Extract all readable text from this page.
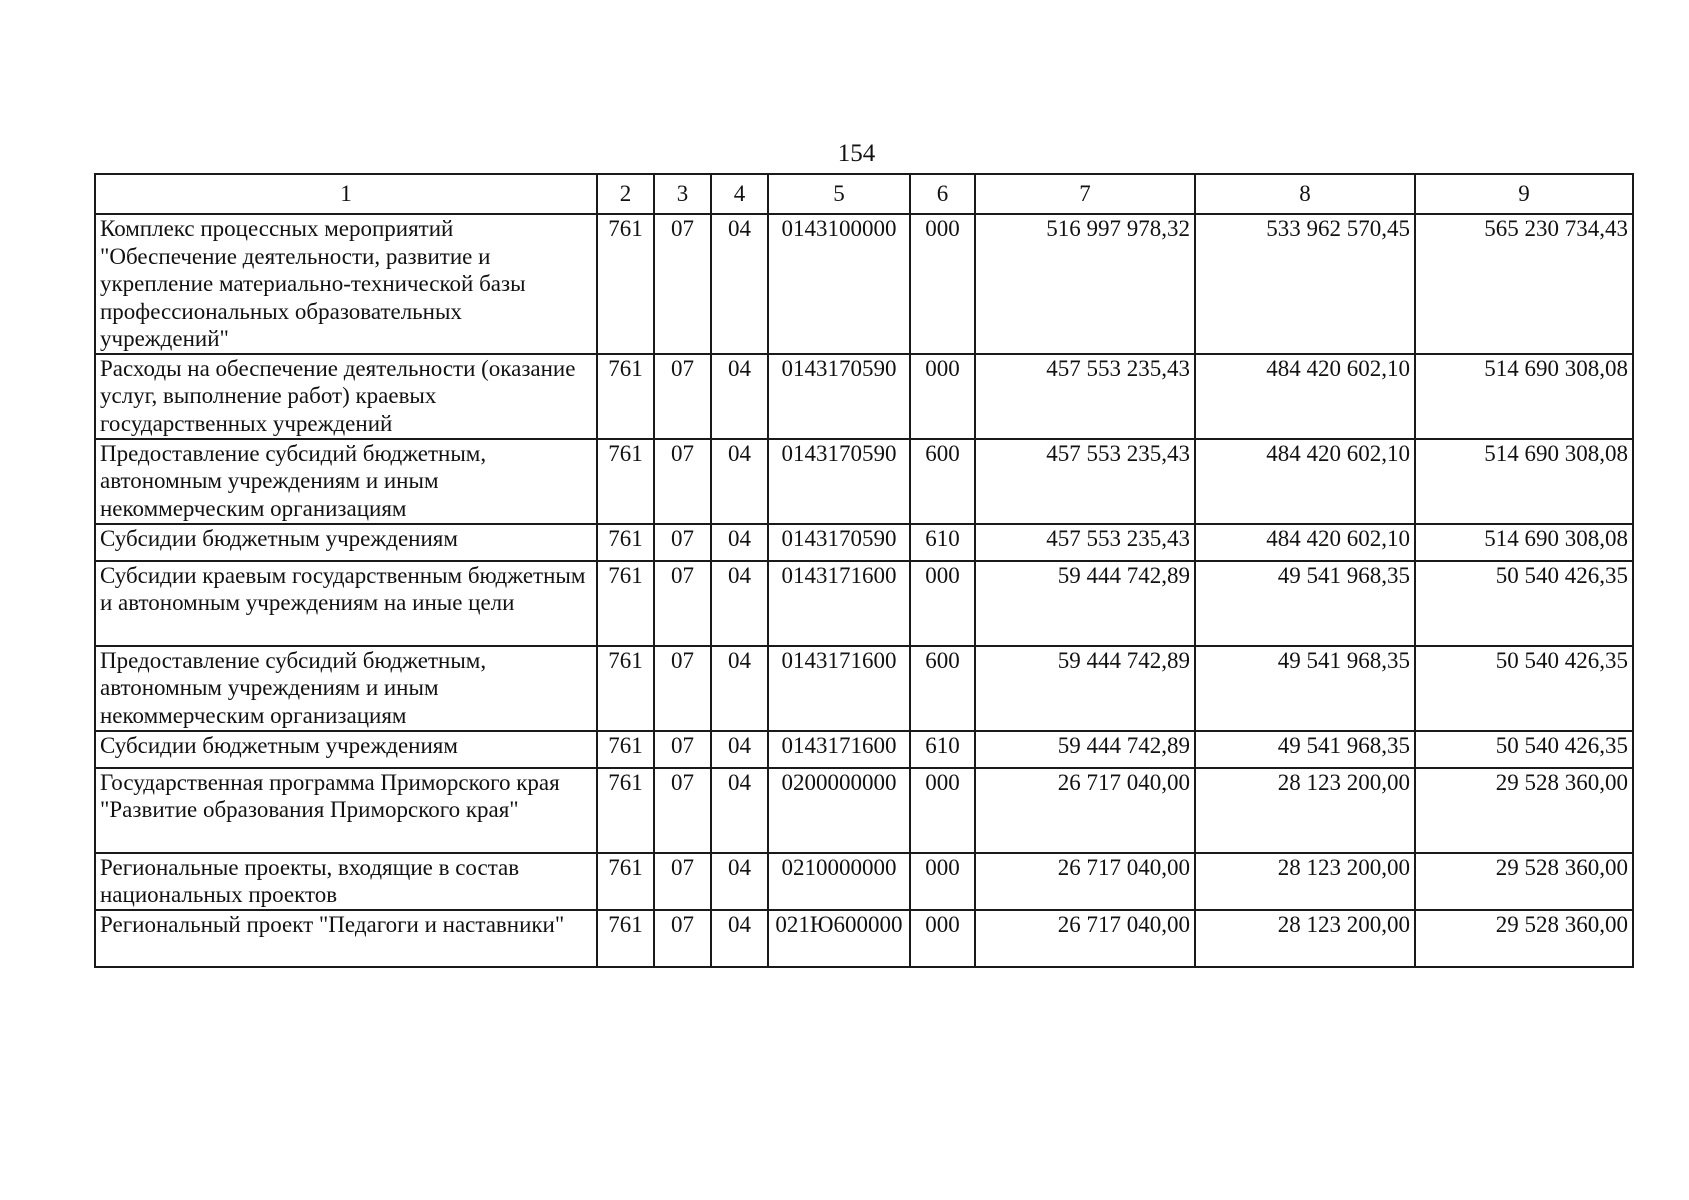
154
1	2	3	4	5	6	7	8	9
Комплекс процессных мероприятий "Обеспечение деятельности, развитие и укрепление материально-технической базы профессиональных образовательных учреждений"	761	07	04	0143100000	000	516 997 978,32	533 962 570,45	565 230 734,43
Расходы на обеспечение деятельности (оказание услуг, выполнение работ) краевых государственных учреждений	761	07	04	0143170590	000	457 553 235,43	484 420 602,10	514 690 308,08
Предоставление субсидий бюджетным, автономным учреждениям и иным некоммерческим организациям	761	07	04	0143170590	600	457 553 235,43	484 420 602,10	514 690 308,08
Субсидии бюджетным учреждениям	761	07	04	0143170590	610	457 553 235,43	484 420 602,10	514 690 308,08
Субсидии краевым государственным бюджетным и автономным учреждениям на иные цели	761	07	04	0143171600	000	59 444 742,89	49 541 968,35	50 540 426,35
Предоставление субсидий бюджетным, автономным учреждениям и иным некоммерческим организациям	761	07	04	0143171600	600	59 444 742,89	49 541 968,35	50 540 426,35
Субсидии бюджетным учреждениям	761	07	04	0143171600	610	59 444 742,89	49 541 968,35	50 540 426,35
Государственная программа Приморского края "Развитие образования Приморского края"	761	07	04	0200000000	000	26 717 040,00	28 123 200,00	29 528 360,00
Региональные проекты, входящие в состав национальных проектов	761	07	04	0210000000	000	26 717 040,00	28 123 200,00	29 528 360,00
Региональный проект "Педагоги и наставники"	761	07	04	021Ю600000	000	26 717 040,00	28 123 200,00	29 528 360,00
